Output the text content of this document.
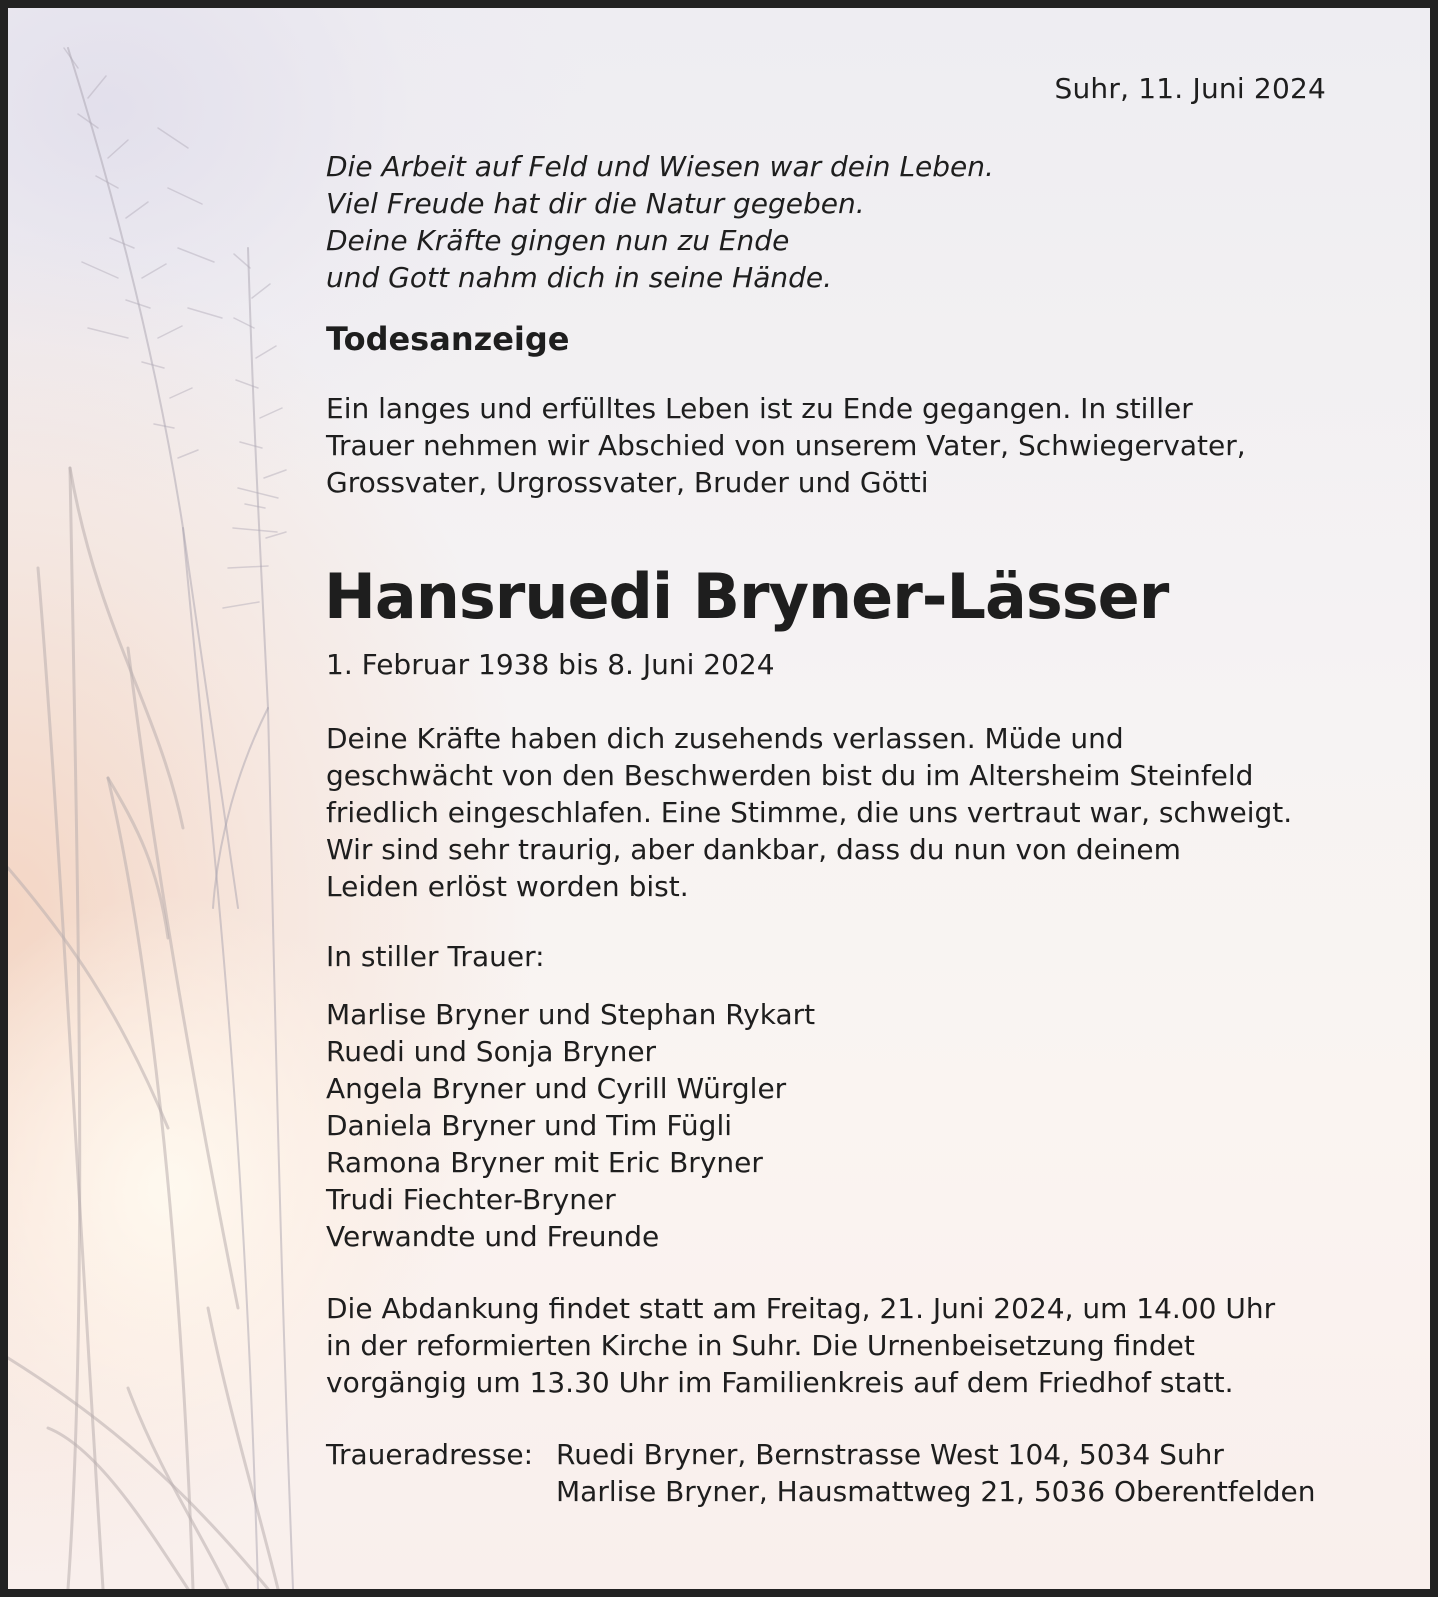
Suhr, 11. Juni 2024
Die Arbeit auf Feld und Wiesen war dein Leben.
Viel Freude hat dir die Natur gegeben.
Deine Kräfte gingen nun zu Ende
und Gott nahm dich in seine Hände.
Todesanzeige
Ein langes und erfülltes Leben ist zu Ende gegangen. In stiller
Trauer nehmen wir Abschied von unserem Vater, Schwiegervater,
Grossvater, Urgrossvater, Bruder und Götti
Hansruedi Bryner-Lässer
1. Februar 1938 bis 8. Juni 2024
Deine Kräfte haben dich zusehends verlassen. Müde und
geschwächt von den Beschwerden bist du im Altersheim Steinfeld
friedlich eingeschlafen. Eine Stimme, die uns vertraut war, schweigt.
Wir sind sehr traurig, aber dankbar, dass du nun von deinem
Leiden erlöst worden bist.
In stiller Trauer:
Marlise Bryner und Stephan Rykart
Ruedi und Sonja Bryner
Angela Bryner und Cyrill Würgler
Daniela Bryner und Tim Fügli
Ramona Bryner mit Eric Bryner
Trudi Fiechter-Bryner
Verwandte und Freunde
Die Abdankung findet statt am Freitag, 21. Juni 2024, um 14.00 Uhr
in der reformierten Kirche in Suhr. Die Urnenbeisetzung findet
vorgängig um 13.30 Uhr im Familienkreis auf dem Friedhof statt.
Traueradresse: Ruedi Bryner, Bernstrasse West 104, 5034 Suhr
Marlise Bryner, Hausmattweg 21, 5036 Oberentfelden
